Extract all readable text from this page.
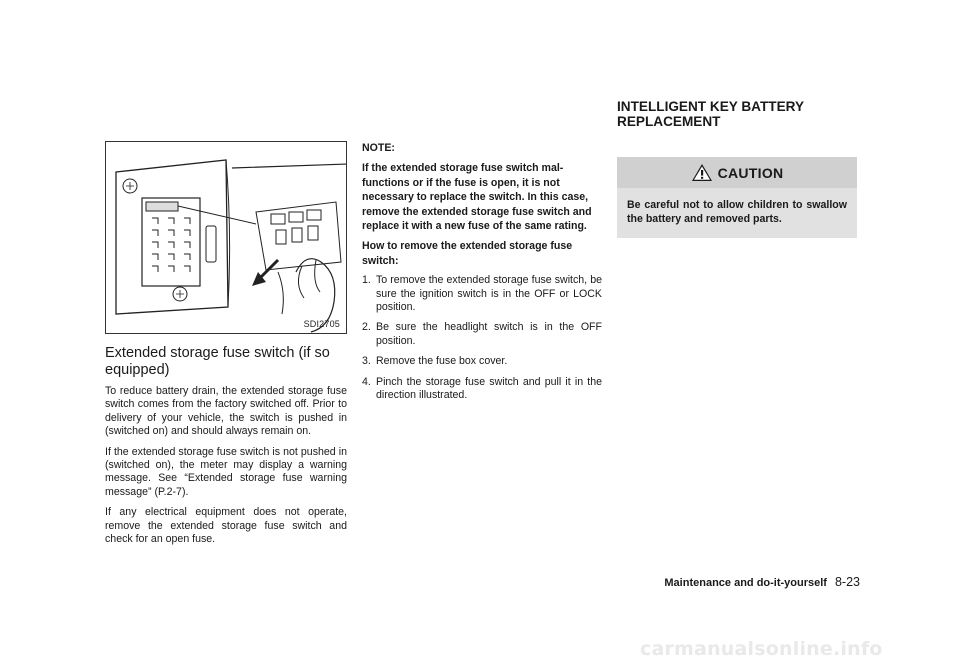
SDI2705
Extended storage fuse switch (if so equipped)

To reduce battery drain, the extended storage fuse switch comes from the factory switched off. Prior to delivery of your vehicle, the switch is pushed in (switched on) and should always remain on.

If the extended storage fuse switch is not pushed in (switched on), the meter may display a warning message. See “Extended storage fuse warning message” (P.2-7).

If any electrical equipment does not operate, remove the extended storage fuse switch and check for an open fuse.

NOTE:

If the extended storage fuse switch mal-functions or if the fuse is open, it is not necessary to replace the switch. In this case, remove the extended storage fuse switch and replace it with a new fuse of the same rating.

How to remove the extended storage fuse switch:

1. To remove the extended storage fuse switch, be sure the ignition switch is in the OFF or LOCK position.
2. Be sure the headlight switch is in the OFF position.
3. Remove the fuse box cover.
4. Pinch the storage fuse switch and pull it in the direction illustrated.
INTELLIGENT KEY BATTERY REPLACEMENT
CAUTION
Be careful not to allow children to swallow the battery and removed parts.
Maintenance and do-it-yourself 8-23
carmanualsonline.info
